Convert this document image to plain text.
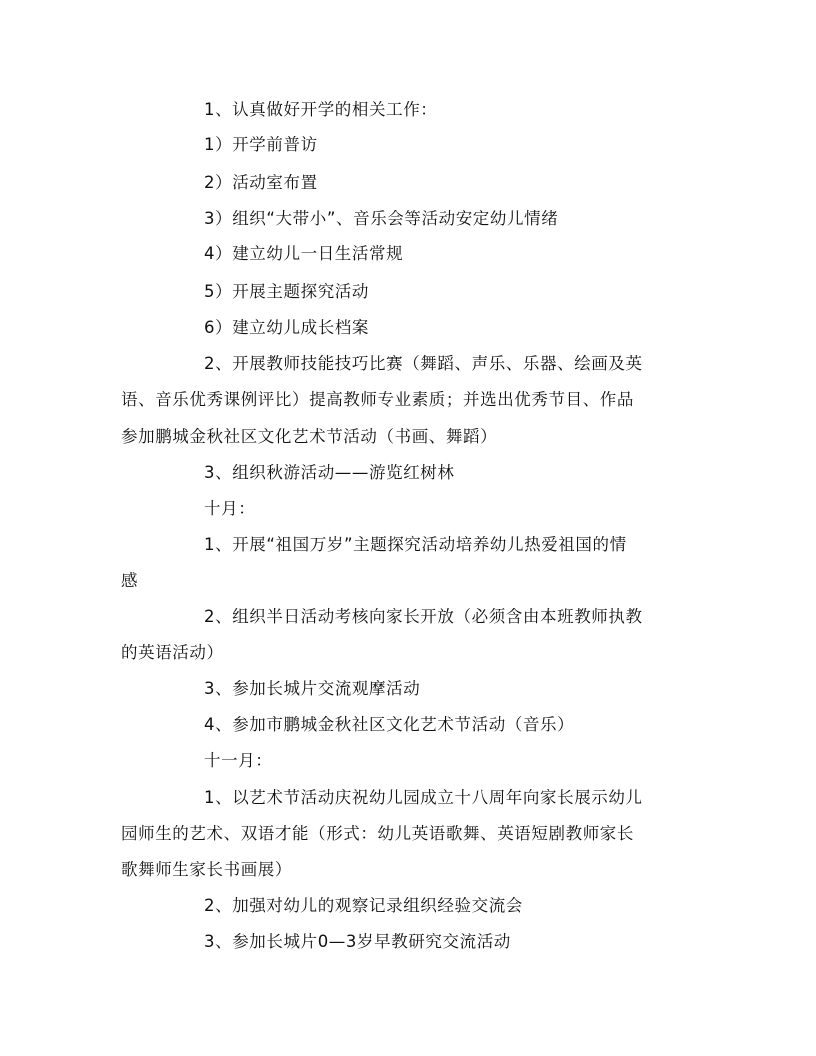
1、认真做好开学的相关工作：
1）开学前普访
2）活动室布置
3）组织“大带小”、音乐会等活动安定幼儿情绪
4）建立幼儿一日生活常规
5）开展主题探究活动
6）建立幼儿成长档案
2、开展教师技能技巧比赛（舞蹈、声乐、乐器、绘画及英
语、音乐优秀课例评比）提高教师专业素质；并选出优秀节目、作品
参加鹏城金秋社区文化艺术节活动（书画、舞蹈）
3、组织秋游活动——游览红树林
十月：
1、开展“祖国万岁”主题探究活动培养幼儿热爱祖国的情
感
2、组织半日活动考核向家长开放（必须含由本班教师执教
的英语活动）
3、参加长城片交流观摩活动
4、参加市鹏城金秋社区文化艺术节活动（音乐）
十一月：
1、以艺术节活动庆祝幼儿园成立十八周年向家长展示幼儿
园师生的艺术、双语才能（形式：幼儿英语歌舞、英语短剧教师家长
歌舞师生家长书画展）
2、加强对幼儿的观察记录组织经验交流会
3、参加长城片0—3岁早教研究交流活动
